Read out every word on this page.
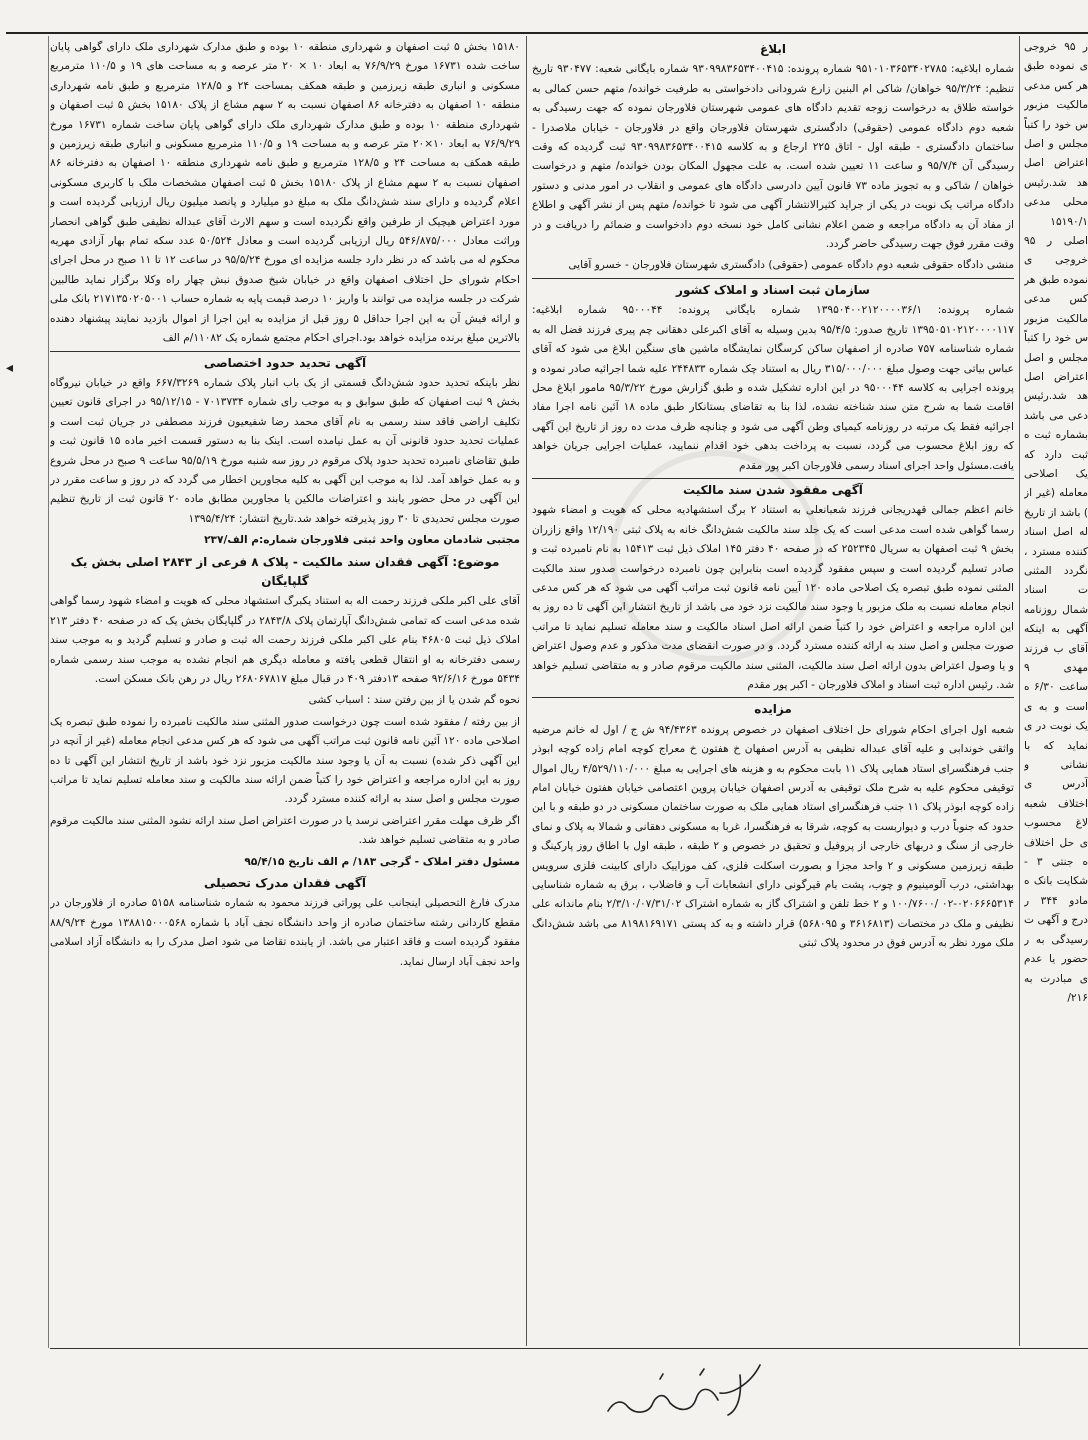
◂

۱۵۱۸۰ بخش ۵ ثبت اصفهان و شهرداری منطقه ۱۰ بوده و طبق مدارک شهرداری ملک دارای گواهی پایان ساخت شده ۱۶۷۳۱ مورخ ۷۶/۹/۲۹ به ابعاد ۱۰ × ۲۰ متر عرصه و به مساحت های ۱۹ و ۱۱۰/۵ مترمربع مسکونی و انباری طبقه زیرزمین و طبقه همکف بمساحت ۲۴ و ۱۲۸/۵ مترمربع و طبق نامه شهرداری منطقه ۱۰ اصفهان به دفترخانه ۸۶ اصفهان نسبت به ۲ سهم مشاع از پلاک ۱۵۱۸۰ بخش ۵ ثبت اصفهان و شهرداری منطقه ۱۰ بوده و طبق مدارک شهرداری ملک دارای گواهی پایان ساخت شماره ۱۶۷۳۱ مورخ ۷۶/۹/۲۹ به ابعاد ۱۰×۲۰ متر عرصه و به مساحت ۱۹ و ۱۱۰/۵ مترمربع مسکونی و انباری طبقه زیرزمین و طبقه همکف به مساحت ۲۴ و ۱۲۸/۵ مترمربع و طبق نامه شهرداری منطقه ۱۰ اصفهان به دفترخانه ۸۶ اصفهان نسبت به ۲ سهم مشاع از پلاک ۱۵۱۸۰ بخش ۵ ثبت اصفهان مشخصات ملک با کاربری مسکونی اعلام گردیده و دارای سند شش‌دانگ ملک به مبلغ دو میلیارد و پانصد میلیون ریال ارزیابی گردیده است و مورد اعتراض هیچیک از طرفین واقع نگردیده است و سهم الارث آقای عبداله نظیفی طبق گواهی انحصار وراثت معادل ۵۴۶/۸۷۵/۰۰۰ ریال ارزیابی گردیده است و معادل ۵۰/۵۲۴ عدد سکه تمام بهار آزادی مهریه محکوم له می باشد که در نظر دارد جلسه مزایده ای مورخ ۹۵/۵/۲۴ در ساعت ۱۲ تا ۱۱ صبح در محل اجرای احکام شورای حل اختلاف اصفهان واقع در خیابان شیخ صدوق نبش چهار راه وکلا برگزار نماید طالبین شرکت در جلسه مزایده می توانند با واریز ۱۰ درصد قیمت پایه به شماره حساب ۲۱۷۱۳۵۰۲۰۵۰۰۱ بانک ملی و ارائه فیش آن به این اجرا حداقل ۵ روز قبل از مزایده به این اجرا از اموال بازدید نمایند پیشنهاد دهنده بالاترین مبلغ برنده مزایده خواهد بود.اجرای احکام مجتمع شماره یک ۱۱۰۸۲/م الف

آگهی تحدید حدود اختصاصی

نظر باینکه تحدید حدود شش‌دانگ قسمتی از یک باب انبار پلاک شماره ۶۶۷/۳۲۶۹ واقع در خیابان نیروگاه بخش ۹ ثبت اصفهان که طبق سوابق و به موجب رای شماره ۷۰۱۳۷۳۴ - ۹۵/۱۲/۱۵ در اجرای قانون تعیین تکلیف اراضی فاقد سند رسمی به نام آقای محمد رضا شفیعیون فرزند مصطفی در جریان ثبت است و عملیات تحدید حدود قانونی آن به عمل نیامده است. اینک بنا به دستور قسمت اخیر ماده ۱۵ قانون ثبت و طبق تقاضای نامبرده تحدید حدود پلاک مرقوم در روز سه شنبه مورخ ۹۵/۵/۱۹ ساعت ۹ صبح در محل شروع و به عمل خواهد آمد. لذا به موجب این آگهی به کلیه مجاورین اخطار می گردد که در روز و ساعت مقرر در این آگهی در محل حضور یابند و اعتراضات مالکین یا مجاورین مطابق ماده ۲۰ قانون ثبت از تاریخ تنظیم صورت مجلس تحدیدی تا ۳۰ روز پذیرفته خواهد شد.تاریخ انتشار: ۱۳۹۵/۴/۲۴

مجتبی شادمان معاون واحد ثبتی فلاورجان شماره:م الف/۲۳۷

موضوع: آگهی فقدان سند مالکیت - پلاک ۸ فرعی از ۲۸۴۳ اصلی بخش یک گلپایگان

آقای علی اکبر ملکی فرزند رحمت اله به استناد یکبرگ استشهاد محلی که هویت و امضاء شهود رسما گواهی شده مدعی است که تمامی شش‌دانگ آپارتمان پلاک ۲۸۴۳/۸ در گلپایگان بخش یک که در صفحه ۴۰ دفتر ۲۱۳ املاک ذیل ثبت ۴۶۸۰۵ بنام علی اکبر ملکی فرزند رحمت اله ثبت و صادر و تسلیم گردید و به موجب سند رسمی دفترخانه به او انتقال قطعی یافته و معامله دیگری هم انجام نشده به موجب سند رسمی شماره ۵۴۳۴ مورخ ۹۲/۶/۱۶ صفحه ۱۳دفتر ۴۰۹ در قبال مبلغ ۲۶۸۰۶۷۸۱۷ ریال در رهن بانک مسکن است.

نحوه گم شدن یا از بین رفتن سند : اسباب کشی

از بین رفته / مفقود شده است چون درخواست صدور المثنی سند مالکیت نامبرده را نموده طبق تبصره یک اصلاحی ماده ۱۲۰ آئین نامه قانون ثبت مراتب آگهی می شود که هر کس مدعی انجام معامله (غیر از آنچه در این آگهی ذکر شده) نسبت به آن یا وجود سند مالکیت مزبور نزد خود باشد از تاریخ انتشار این آگهی تا ده روز به این اداره مراجعه و اعتراض خود را کتباً ضمن ارائه سند مالکیت و سند معامله تسلیم نماید تا مراتب صورت مجلس و اصل سند به ارائه کننده مسترد گردد.

اگر ظرف مهلت مقرر اعتراضی نرسد یا در صورت اعتراض اصل سند ارائه نشود المثنی سند مالکیت مرقوم صادر و به متقاضی تسلیم خواهد شد.

مسئول دفتر املاک - گرجی ۱۸۳/ م الف تاریخ ۹۵/۴/۱۵

آگهی فقدان مدرک تحصیلی

مدرک فارغ التحصیلی اینجانب علی پوراتی فرزند محمود به شماره شناسنامه ۵۱۵۸ صادره از فلاورجان در مقطع کاردانی رشته ساختمان صادره از واحد دانشگاه نجف آباد با شماره ۱۳۸۸۱۵۰۰۰۵۶۸ مورخ ۸۸/۹/۲۴ مفقود گردیده است و فاقد اعتبار می باشد. از یابنده تقاضا می شود اصل مدرک را به دانشگاه آزاد اسلامی واحد نجف آباد ارسال نماید.

ابلاغ

شماره ابلاغیه: ۹۵۱۰۱۰۳۶۵۳۴۰۲۷۸۵ شماره پرونده: ۹۳۰۹۹۸۳۶۵۳۴۰۰۴۱۵ شماره بایگانی شعبه: ۹۳۰۴۷۷ تاریخ تنظیم: ۹۵/۳/۲۴ خواهان/ شاکی ام البنین زارع شرودانی دادخواستی به طرفیت خوانده/ متهم حسن کمالی به خواسته طلاق به درخواست زوجه تقدیم دادگاه های عمومی شهرستان فلاورجان نموده که جهت رسیدگی به شعبه دوم دادگاه عمومی (حقوقی) دادگستری شهرستان فلاورجان واقع در فلاورجان - خیابان ملاصدرا - ساختمان دادگستری - طبقه اول - اتاق ۲۲۵ ارجاع و به کلاسه ۹۳۰۹۹۸۳۶۵۳۴۰۰۴۱۵ ثبت گردیده که وقت رسیدگی آن ۹۵/۷/۴ و ساعت ۱۱ تعیین شده است. به علت مجهول المکان بودن خوانده/ متهم و درخواست خواهان / شاکی و به تجویز ماده ۷۳ قانون آیین دادرسی دادگاه های عمومی و انقلاب در امور مدنی و دستور دادگاه مراتب یک نوبت در یکی از جراید کثیرالانتشار آگهی می شود تا خوانده/ متهم پس از نشر آگهی و اطلاع از مفاد آن به دادگاه مراجعه و ضمن اعلام نشانی کامل خود نسخه دوم دادخواست و ضمائم را دریافت و در وقت مقرر فوق جهت رسیدگی حاضر گردد.

منشی دادگاه حقوقی شعبه دوم دادگاه عمومی (حقوقی) دادگستری شهرستان فلاورجان - خسرو آقایی

سازمان ثبت اسناد و املاک کشور

شماره پرونده: ۱۳۹۵۰۴۰۰۲۱۲۰۰۰۰۳۶/۱ شماره بایگانی پرونده: ۹۵۰۰۰۴۴ شماره ابلاغیه: ۱۳۹۵۰۵۱۰۲۱۲۰۰۰۰۱۱۷ تاریخ صدور: ۹۵/۴/۵ بدین وسیله به آقای اکبرعلی دهقانی چم پیری فرزند فضل اله به شماره شناسنامه ۷۵۷ صادره از اصفهان ساکن کرسگان نمایشگاه ماشین های سنگین ابلاغ می شود که آقای عباس بیاتی جهت وصول مبلغ ۳۱۵/۰۰۰/۰۰۰ ریال به استناد چک شماره ۲۴۴۸۳۳ علیه شما اجرائیه صادر نموده و پرونده اجرایی به کلاسه ۹۵۰۰۰۴۴ در این اداره تشکیل شده و طبق گزارش مورخ ۹۵/۳/۲۲ مامور ابلاغ محل اقامت شما به شرح متن سند شناخته نشده، لذا بنا به تقاضای بستانکار طبق ماده ۱۸ آئین نامه اجرا مفاد اجرائیه فقط یک مرتبه در روزنامه کیمیای وطن آگهی می شود و چنانچه ظرف مدت ده روز از تاریخ این آگهی که روز ابلاغ محسوب می گردد، نسبت به پرداخت بدهی خود اقدام ننمایید، عملیات اجرایی جریان خواهد یافت.مسئول واحد اجرای اسناد رسمی فلاورجان اکبر پور مقدم

آگهی مفقود شدن سند مالکیت

خانم اعظم جمالی قهدریجانی فرزند شعبانعلی به استناد ۲ برگ استشهادیه محلی که هویت و امضاء شهود رسما گواهی شده است مدعی است که یک جلد سند مالکیت شش‌دانگ خانه به پلاک ثبتی ۱۲/۱۹۰ واقع زازران بخش ۹ ثبت اصفهان به سریال ۲۵۲۳۴۵ که در صفحه ۴۰ دفتر ۱۴۵ املاک ذیل ثبت ۱۵۴۱۳ به نام نامبرده ثبت و صادر تسلیم گردیده است و سپس مفقود گردیده است بنابراین چون نامبرده درخواست صدور سند مالکیت المثنی نموده طبق تبصره یک اصلاحی ماده ۱۲۰ آیین نامه قانون ثبت مراتب آگهی می شود که هر کس مدعی انجام معامله نسبت به ملک مزبور یا وجود سند مالکیت نزد خود می باشد از تاریخ انتشار این آگهی تا ده روز به این اداره مراجعه و اعتراض خود را کتباً ضمن ارائه اصل اسناد مالکیت و سند معامله تسلیم نماید تا مراتب صورت مجلس و اصل سند به ارائه کننده مسترد گردد. و در صورت انقضای مدت مذکور و عدم وصول اعتراض و یا وصول اعتراض بدون ارائه اصل سند مالکیت، المثنی سند مالکیت مرقوم صادر و به متقاضی تسلیم خواهد شد. رئیس اداره ثبت اسناد و املاک فلاورجان - اکبر پور مقدم

مزایده

شعبه اول اجرای احکام شورای حل اختلاف اصفهان در خصوص پرونده ۹۴/۴۳۶۳ ش ج / اول له خانم مرضیه واثقی خوندابی و علیه آقای عبداله نظیفی به آدرس اصفهان خ هفتون خ معراج کوچه امام زاده کوچه ابوذر جنب فرهنگسرای استاد همایی پلاک ۱۱ بابت محکوم به و هزینه های اجرایی به مبلغ ۴/۵۲۹/۱۱۰/۰۰۰ ریال اموال توقیفی محکوم علیه به شرح ملک توقیفی به آدرس اصفهان خیابان پروین اعتصامی خیابان هفتون خیابان امام زاده کوچه ابوذر پلاک ۱۱ جنب فرهنگسرای استاد همایی ملک به صورت ساختمان مسکونی در دو طبقه و با این حدود که جنوباً درب و دیواربست به کوچه، شرقا به فرهنگسرا، غربا به مسکونی دهقانی و شمالا به پلاک و نمای خارجی از سنگ و دربهای خارجی از پروفیل و تحقیق در خصوص و ۲ طبقه ، طبقه اول با اطاق روز پارکینگ و طبقه زیرزمین مسکونی و ۲ واحد مجزا و بصورت اسکلت فلزی، کف موزاییک دارای کابینت فلزی سرویس بهداشتی، درب آلومینیوم و چوب، پشت بام قیرگونی دارای انشعابات آب و فاضلاب ، برق به شماره شناسایی ۰۲۰۶۶۶۵۳۱۴-۰۲ /۱۰۰/۷۶۰۰ و ۲ خط تلفن و اشتراک گاز به شماره اشتراک ۲/۳/۱۰/۰۷/۳۱/۰۲ بنام ماندانه علی نظیفی و ملک در مختصات (۳۶۱۶۸۱۳ و ۵۶۸۰۹۵) قرار داشته و به کد پستی ۸۱۹۸۱۶۹۱۷۱ می باشد شش‌دانگ ملک مورد نظر به آدرس فوق در محدود پلاک ثبتی

ر ۹۵ خروجی ی نموده طبق هر کس مدعی مالکیت مزبور س خود را کتباً مجلس و اصل اعتراض اصل هد شد.رئیس محلی مدعی ۱۵۱۹۰/۱ اصلی ر ۹۵ خروجی ی نموده طبق هر کس مدعی مالکیت مزبور س خود را کتباً مجلس و اصل اعتراض اصل هد شد.رئیس دعی می باشد بشماره ثبت ه ثبت دارد که یک اصلاحی معامله (غیر از ) باشد از تاریخ له اصل اسناد کننده مسترد ، نگردد المثنی ت اسناد شمال روزنامه آگهی به اینکه آقای ب فرزند مهدی ۹ ساعت ۶/۳۰ ه است و به ی یک نوبت در ی نماید که با نشانی و آدرس ی اختلاف شعبه لاغ محسوب ی حل اختلاف ه جنتی ۳ - شکایت بانک ه مادو ۳۴۴ ر درج و آگهی ت رسیدگی به ر حضور یا عدم ی مبادرت به ۲۱۶/
